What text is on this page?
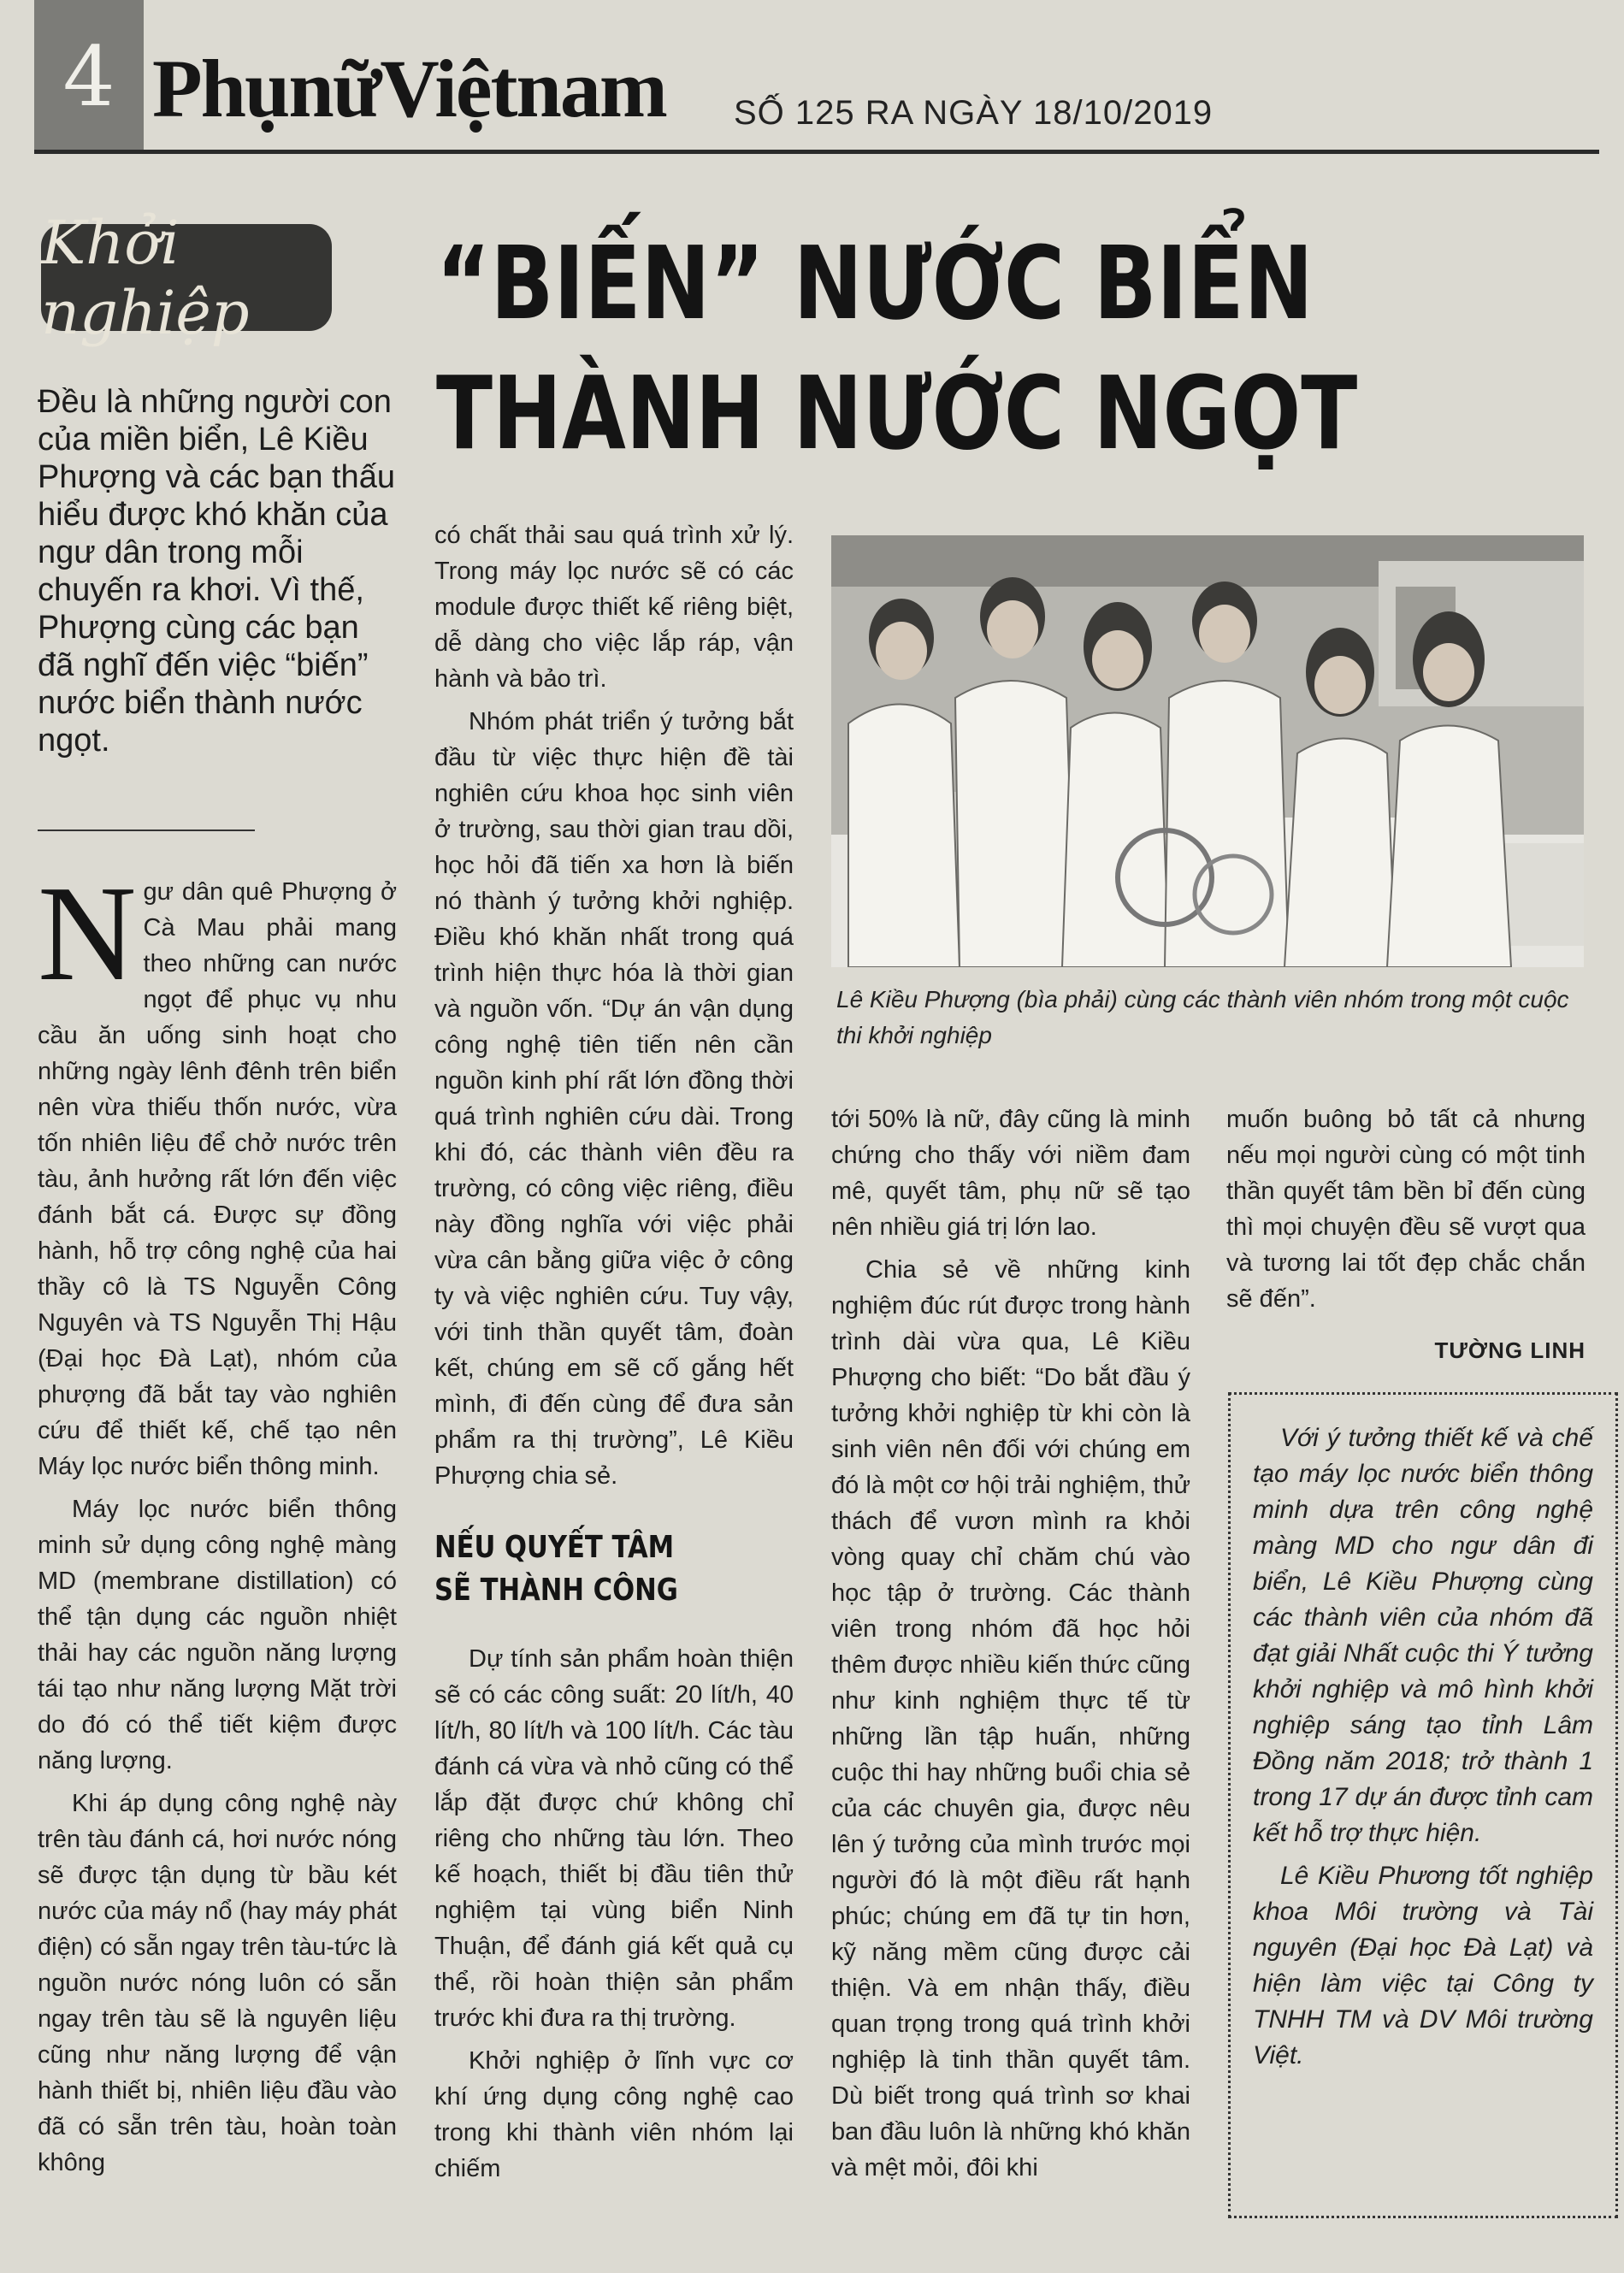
4 PhụnữViệtnam SỐ 125 RA NGÀY 18/10/2019
Khởi nghiệp	“BIẾN” NƯỚC BIỂN
THÀNH NƯỚC NGỌT
Đều là những người con của miền biển, Lê Kiều Phượng và các bạn thấu hiểu được khó khăn của ngư dân trong mỗi chuyến ra khơi. Vì thế, Phượng cùng các bạn đã nghĩ đến việc “biến” nước biển thành nước ngọt.

Ngư dân quê Phượng ở Cà Mau phải mang theo những can nước ngọt để phục vụ nhu cầu ăn uống sinh hoạt cho những ngày lênh đênh trên biển nên vừa thiếu thốn nước, vừa tốn nhiên liệu để chở nước trên tàu, ảnh hưởng rất lớn đến việc đánh bắt cá. Được sự đồng hành, hỗ trợ công nghệ của hai thầy cô là TS Nguyễn Công Nguyên và TS Nguyễn Thị Hậu (Đại học Đà Lạt), nhóm của phượng đã bắt tay vào nghiên cứu để thiết kế, chế tạo nên Máy lọc nước biển thông minh.

Máy lọc nước biển thông minh sử dụng công nghệ màng MD (membrane distillation) có thể tận dụng các nguồn nhiệt thải hay các nguồn năng lượng tái tạo như năng lượng Mặt trời do đó có thể tiết kiệm được năng lượng.

Khi áp dụng công nghệ này trên tàu đánh cá, hơi nước nóng sẽ được tận dụng từ bầu két nước của máy nổ (hay máy phát điện) có sẵn ngay trên tàu-tức là nguồn nước nóng luôn có sẵn ngay trên tàu sẽ là nguyên liệu cũng như năng lượng để vận hành thiết bị, nhiên liệu đầu vào đã có sẵn trên tàu, hoàn toàn không

có chất thải sau quá trình xử lý. Trong máy lọc nước sẽ có các module được thiết kế riêng biệt, dễ dàng cho việc lắp ráp, vận hành và bảo trì.

Nhóm phát triển ý tưởng bắt đầu từ việc thực hiện đề tài nghiên cứu khoa học sinh viên ở trường, sau thời gian trau dồi, học hỏi đã tiến xa hơn là biến nó thành ý tưởng khởi nghiệp. Điều khó khăn nhất trong quá trình hiện thực hóa là thời gian và nguồn vốn. “Dự án vận dụng công nghệ tiên tiến nên cần nguồn kinh phí rất lớn đồng thời quá trình nghiên cứu dài. Trong khi đó, các thành viên đều ra trường, có công việc riêng, điều này đồng nghĩa với việc phải vừa cân bằng giữa việc ở công ty và việc nghiên cứu. Tuy vậy, với tinh thần quyết tâm, đoàn kết, chúng em sẽ cố gắng hết mình, đi đến cùng để đưa sản phẩm ra thị trường”, Lê Kiều Phượng chia sẻ.

NẾU QUYẾT TÂM
SẼ THÀNH CÔNG

Dự tính sản phẩm hoàn thiện sẽ có các công suất: 20 lít/h, 40 lít/h, 80 lít/h và 100 lít/h. Các tàu đánh cá vừa và nhỏ cũng có thể lắp đặt được chứ không chỉ riêng cho những tàu lớn. Theo kế hoạch, thiết bị đầu tiên thử nghiệm tại vùng biển Ninh Thuận, để đánh giá kết quả cụ thể, rồi hoàn thiện sản phẩm trước khi đưa ra thị trường.

Khởi nghiệp ở lĩnh vực cơ khí ứng dụng công nghệ cao trong khi thành viên nhóm lại chiếm

Lê Kiều Phượng (bìa phải) cùng các thành viên nhóm trong một cuộc thi khởi nghiệp

tới 50% là nữ, đây cũng là minh chứng cho thấy với niềm đam mê, quyết tâm, phụ nữ sẽ tạo nên nhiều giá trị lớn lao.

Chia sẻ về những kinh nghiệm đúc rút được trong hành trình dài vừa qua, Lê Kiều Phượng cho biết: “Do bắt đầu ý tưởng khởi nghiệp từ khi còn là sinh viên nên đối với chúng em đó là một cơ hội trải nghiệm, thử thách để vươn mình ra khỏi vòng quay chỉ chăm chú vào học tập ở trường. Các thành viên trong nhóm đã học hỏi thêm được nhiều kiến thức cũng như kinh nghiệm thực tế từ những lần tập huấn, những cuộc thi hay những buổi chia sẻ của các chuyên gia, được nêu lên ý tưởng của mình trước mọi người đó là một điều rất hạnh phúc; chúng em đã tự tin hơn, kỹ năng mềm cũng được cải thiện. Và em nhận thấy, điều quan trọng trong quá trình khởi nghiệp là tinh thần quyết tâm. Dù biết trong quá trình sơ khai ban đầu luôn là những khó khăn và mệt mỏi, đôi khi

muốn buông bỏ tất cả nhưng nếu mọi người cùng có một tinh thần quyết tâm bền bỉ đến cùng thì mọi chuyện đều sẽ vượt qua và tương lai tốt đẹp chắc chắn sẽ đến”.

TƯỜNG LINH

Với ý tưởng thiết kế và chế tạo máy lọc nước biển thông minh dựa trên công nghệ màng MD cho ngư dân đi biển, Lê Kiều Phượng cùng các thành viên của nhóm đã đạt giải Nhất cuộc thi Ý tưởng khởi nghiệp và mô hình khởi nghiệp sáng tạo tỉnh Lâm Đồng năm 2018; trở thành 1 trong 17 dự án được tỉnh cam kết hỗ trợ thực hiện.

Lê Kiều Phương tốt nghiệp khoa Môi trường và Tài nguyên (Đại học Đà Lạt) và hiện làm việc tại Công ty TNHH TM và DV Môi trường Việt.
